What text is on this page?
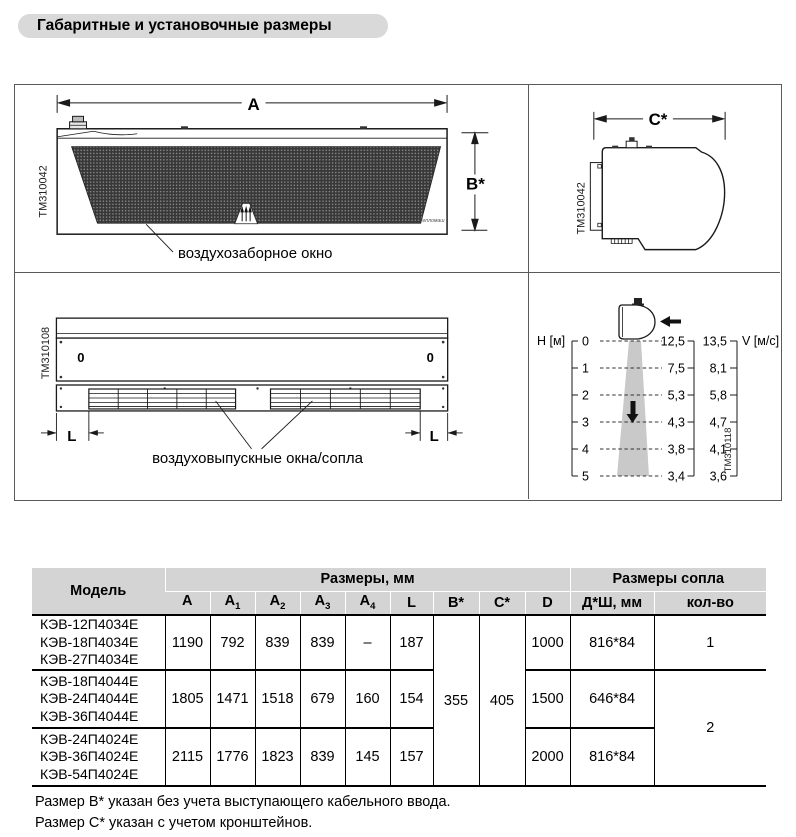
Габаритные и установочные размеры
A
Тепломаш
ТМ310042	B*
воздухозаборное окно
C*
ТМ310042
0	0
L	L
воздуховыпускные окна/сопла
ТМ310108	H [м] 0
1
2
3
4
5
12,5
7,5
5,3
4,3
3,8
3,4
13,5
8,1
5,8
4,7
4,1
3,6
V [м/с]
ТМ310118
Модель	Размеры, мм									Размеры сопла	
	А	$А_1$	$А_2$	$А_3$	$А_4$	L	B*	C*	D	Д*Ш, мм	кол-во

КЭВ-12П4034Е
КЭВ-18П4034Е
КЭВ-27П4034Е	1190	792	839	839	–	187	355	405	1000	816*84	1

КЭВ-18П4044Е
КЭВ-24П4044Е
КЭВ-36П4044Е	1805	1471	1518	679	160	154			1500	646*84	2

КЭВ-24П4024Е
КЭВ-36П4024Е
КЭВ-54П4024Е	2115	1776	1823	839	145	157			2000	816*84	
Размер B* указан без учета выступающего кабельного ввода.
Размер C* указан с учетом кронштейнов.
